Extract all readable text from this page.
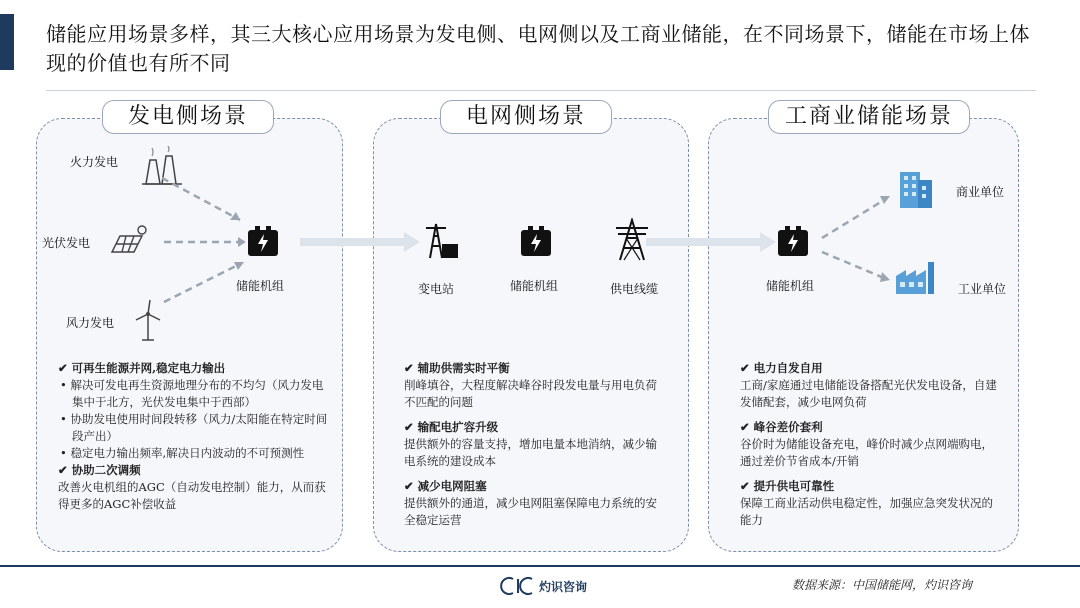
储能应用场景多样，其三大核心应用场景为发电侧、电网侧以及工商业储能，在不同场景下，储能在市场上体现的价值也有所不同
发电侧场景	电网侧场景	工商业储能场景
火力发电
光伏发电
风力发电
储能机组	变电站	储能机组	供电线缆	储能机组
商业单位
工业单位
✔ 可再生能源并网,稳定电力输出
• 解决可发电再生资源地理分布的不均匀（风力发电集中于北方，光伏发电集中于西部）
• 协助发电使用时间段转移（风力/太阳能在特定时间段产出）
• 稳定电力输出频率,解决日内波动的不可预测性
✔ 协助二次调频
改善火电机组的AGC（自动发电控制）能力，从而获得更多的AGC补偿收益
✔ 辅助供需实时平衡
削峰填谷，大程度解决峰谷时段发电量与用电负荷不匹配的问题
✔ 输配电扩容升级
提供额外的容量支持，增加电量本地消纳，减少输电系统的建设成本
✔ 减少电网阻塞
提供额外的通道，减少电网阻塞保障电力系统的安全稳定运营
✔ 电力自发自用
工商/家庭通过电储能设备搭配光伏发电设备，自建发储配套，减少电网负荷
✔ 峰谷差价套利
谷价时为储能设备充电，峰价时减少点网端购电，通过差价节省成本/开销
✔ 提升供电可靠性
保障工商业活动供电稳定性，加强应急突发状况的能力
灼识咨询	数据来源：中国储能网，灼识咨询
